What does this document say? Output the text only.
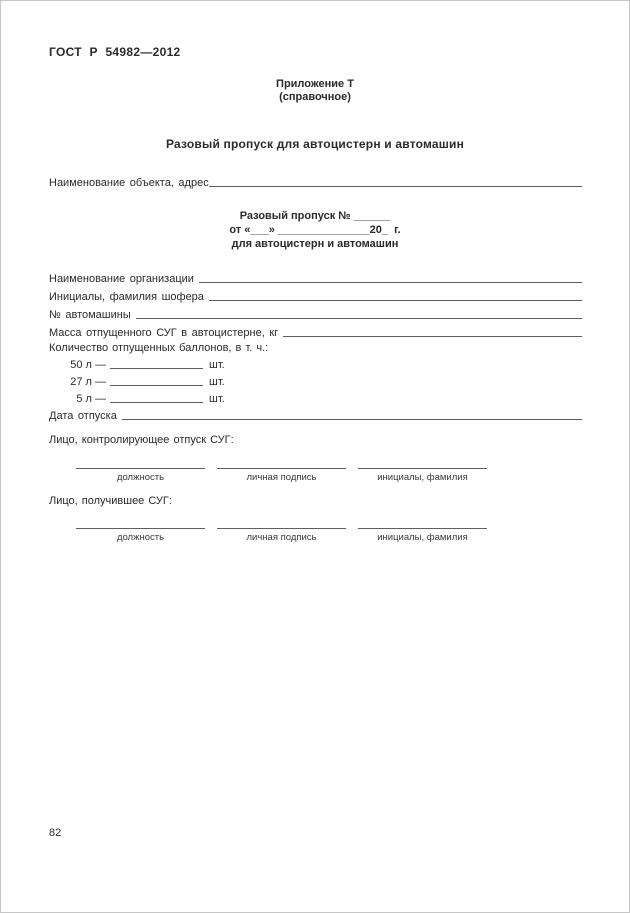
ГОСТ Р 54982—2012
Приложение Т
(справочное)
Разовый пропуск для автоцистерн и автомашин
Наименование объекта, адрес
Разовый пропуск № ______
от «___» _______________20_  г.
для автоцистерн и автомашин
Наименование организации
Инициалы, фамилия шофера
№ автомашины
Масса отпущенного СУГ в автоцистерне, кг
Количество отпущенных баллонов, в т. ч.:
50 л —	шт.
27 л —	шт.
5 л —	шт.
Дата отпуска
Лицо, контролирующее отпуск СУГ:
должность	личная подпись	инициалы, фамилия
Лицо, получившее СУГ:
должность	личная подпись	инициалы, фамилия
82
